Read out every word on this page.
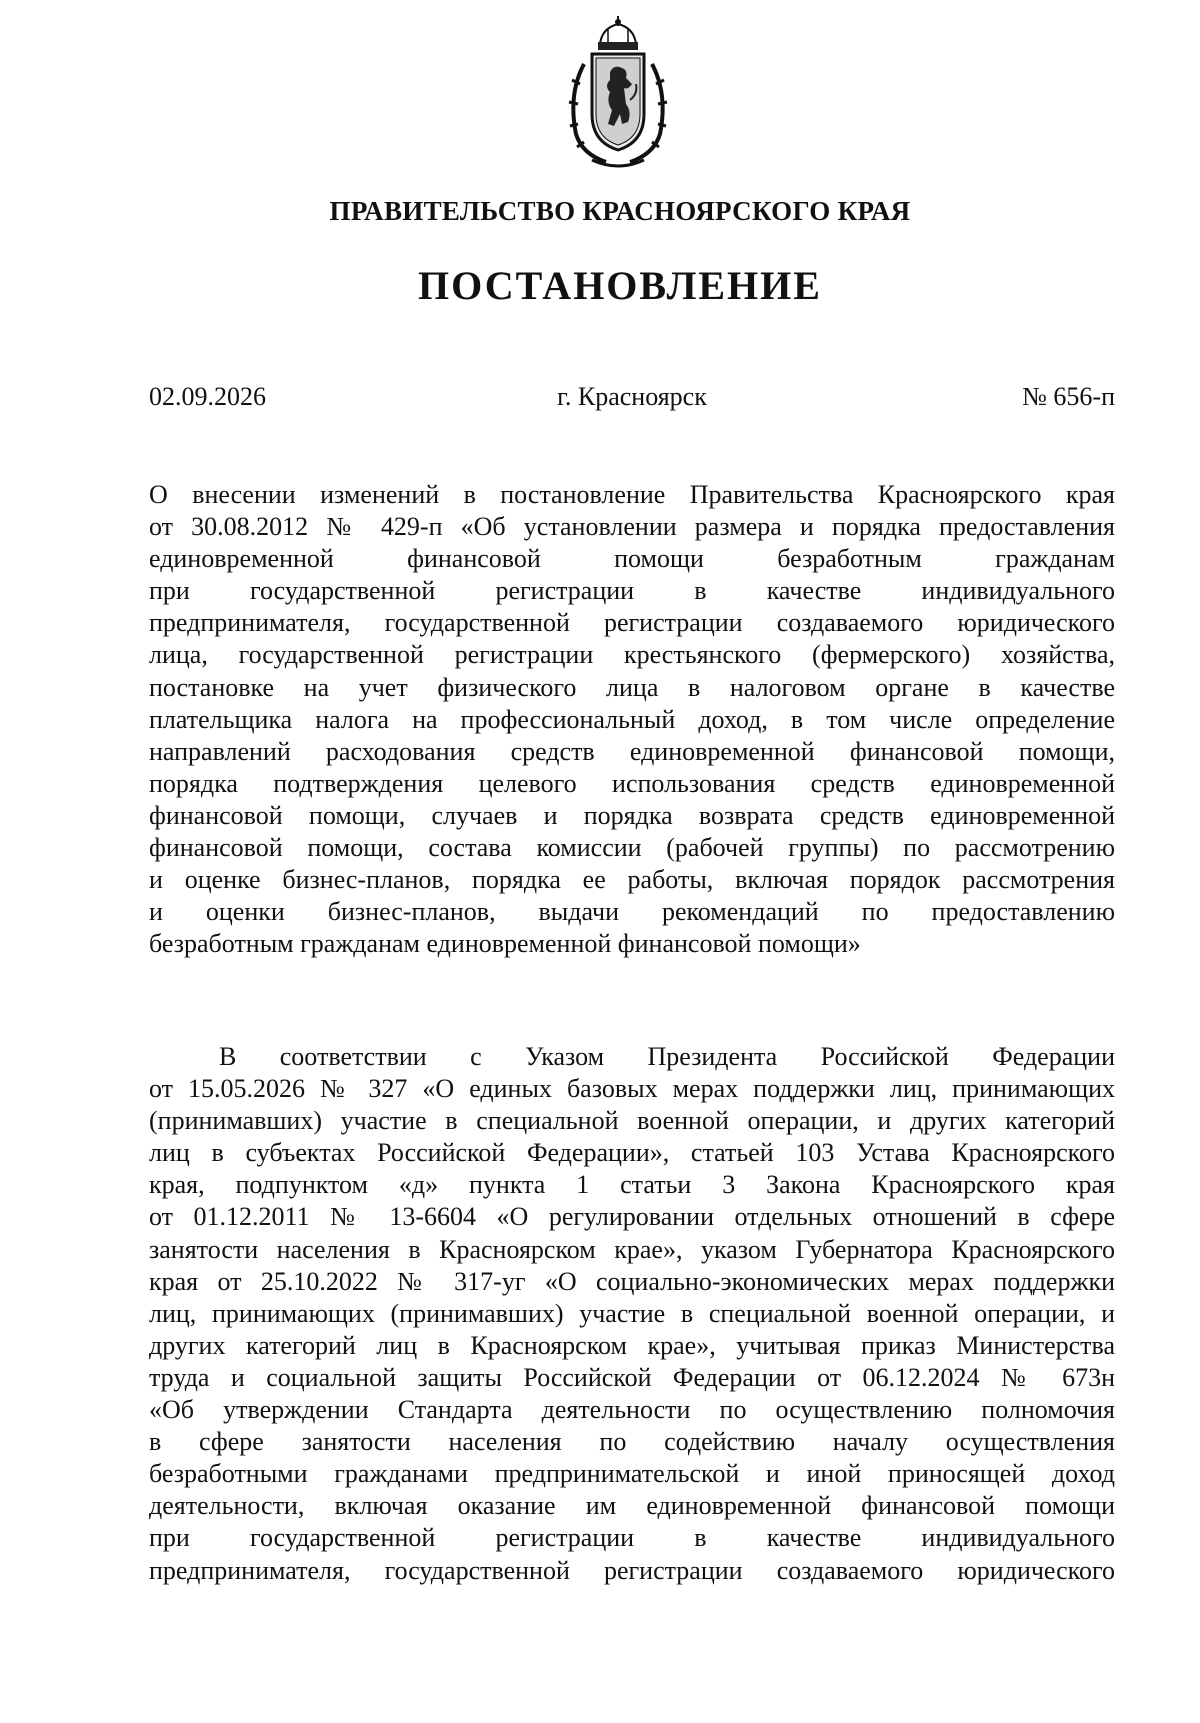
ПРАВИТЕЛЬСТВО КРАСНОЯРСКОГО КРАЯ
ПОСТАНОВЛЕНИЕ
02.09.2026	г. Красноярск	№ 656-п
О внесении изменений в постановление Правительства Красноярского края
от 30.08.2012 № 429-п «Об установлении размера и порядка предоставления
единовременной финансовой помощи безработным гражданам
при государственной регистрации в качестве индивидуального
предпринимателя, государственной регистрации создаваемого юридического
лица, государственной регистрации крестьянского (фермерского) хозяйства,
постановке на учет физического лица в налоговом органе в качестве
плательщика налога на профессиональный доход, в том числе определение
направлений расходования средств единовременной финансовой помощи,
порядка подтверждения целевого использования средств единовременной
финансовой помощи, случаев и порядка возврата средств единовременной
финансовой помощи, состава комиссии (рабочей группы) по рассмотрению
и оценке бизнес-планов, порядка ее работы, включая порядок рассмотрения
и оценки бизнес-планов, выдачи рекомендаций по предоставлению
безработным гражданам единовременной финансовой помощи»
В соответствии с Указом Президента Российской Федерации
от 15.05.2026 № 327 «О единых базовых мерах поддержки лиц, принимающих
(принимавших) участие в специальной военной операции, и других категорий
лиц в субъектах Российской Федерации», статьей 103 Устава Красноярского
края, подпунктом «д» пункта 1 статьи 3 Закона Красноярского края
от 01.12.2011 № 13-6604 «О регулировании отдельных отношений в сфере
занятости населения в Красноярском крае», указом Губернатора Красноярского
края от 25.10.2022 № 317-уг «О социально-экономических мерах поддержки
лиц, принимающих (принимавших) участие в специальной военной операции, и
других категорий лиц в Красноярском крае», учитывая приказ Министерства
труда и социальной защиты Российской Федерации от 06.12.2024 № 673н
«Об утверждении Стандарта деятельности по осуществлению полномочия
в сфере занятости населения по содействию началу осуществления
безработными гражданами предпринимательской и иной приносящей доход
деятельности, включая оказание им единовременной финансовой помощи
при государственной регистрации в качестве индивидуального
предпринимателя, государственной регистрации создаваемого юридического
